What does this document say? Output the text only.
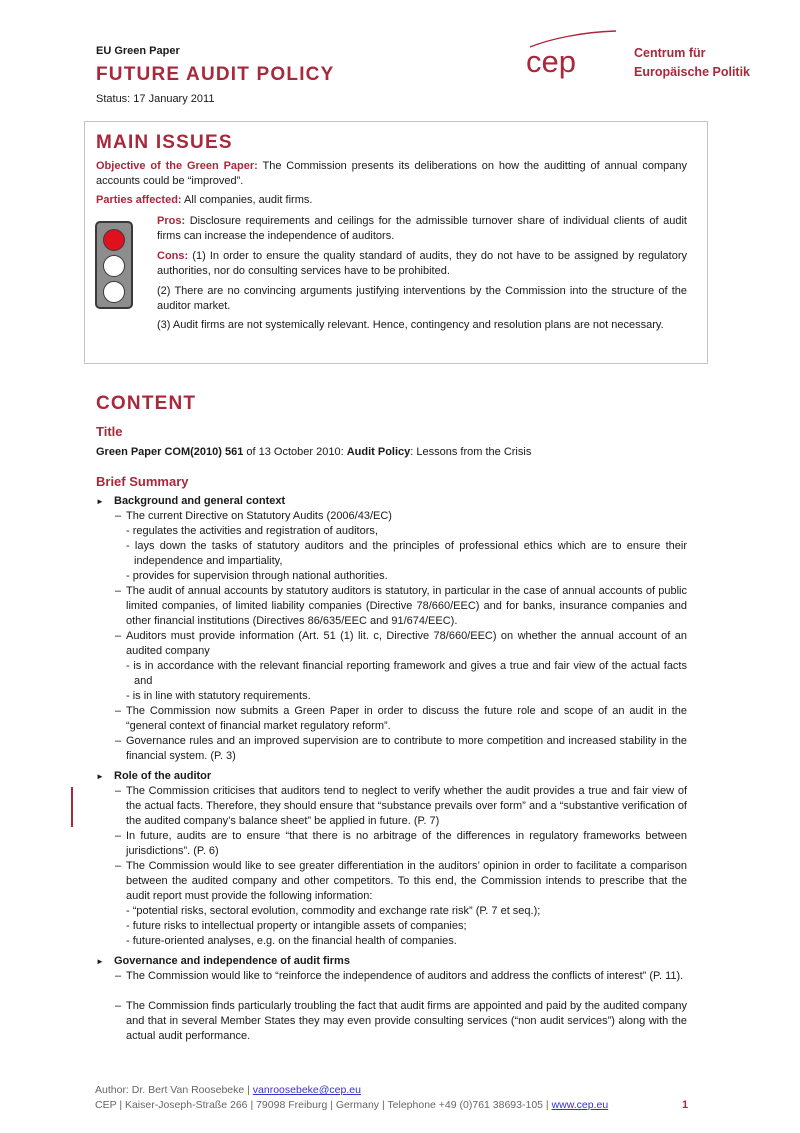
EU Green Paper
FUTURE AUDIT POLICY
Status: 17 January 2011
cep	Centrum für
Europäische Politik
MAIN ISSUES
Objective of the Green Paper: The Commission presents its deliberations on how the auditting of annual company accounts could be “improved”.
Parties affected: All companies, audit firms.
Pros: Disclosure requirements and ceilings for the admissible turnover share of individual clients of audit firms can increase the independence of auditors.
Cons: (1) In order to ensure the quality standard of audits, they do not have to be assigned by regulatory authorities, nor do consulting services have to be prohibited.
(2) There are no convincing arguments justifying interventions by the Commission into the structure of the auditor market.
(3) Audit firms are not systemically relevant. Hence, contingency and resolution plans are not necessary.
CONTENT
Title
Green Paper COM(2010) 561 of 13 October 2010: Audit Policy: Lessons from the Crisis
Brief Summary
► Background and general context
– The current Directive on Statutory Audits (2006/43/EC)
- regulates the activities and registration of auditors,
- lays down the tasks of statutory auditors and the principles of professional ethics which are to ensure their independence and impartiality,
- provides for supervision through national authorities.
– The audit of annual accounts by statutory auditors is statutory, in particular in the case of annual accounts of public limited companies, of limited liability companies (Directive 78/660/EEC) and for banks, insurance companies and other financial institutions (Directives 86/635/EEC and 91/674/EEC).
– Auditors must provide information (Art. 51 (1) lit. c, Directive 78/660/EEC) on whether the annual account of an audited company
- is in accordance with the relevant financial reporting framework and gives a true and fair view of the actual facts and
- is in line with statutory requirements.
– The Commission now submits a Green Paper in order to discuss the future role and scope of an audit in the “general context of financial market regulatory reform”.
– Governance rules and an improved supervision are to contribute to more competition and increased stability in the financial system. (P. 3)
► Role of the auditor
– The Commission criticises that auditors tend to neglect to verify whether the audit provides a true and fair view of the actual facts. Therefore, they should ensure that “substance prevails over form” and a “substantive verification of the audited company’s balance sheet” be applied in future. (P. 7)
– In future, audits are to ensure “that there is no arbitrage of the differences in regulatory frameworks between jurisdictions”. (P. 6)
– The Commission would like to see greater differentiation in the auditors’ opinion in order to facilitate a comparison between the audited company and other competitors. To this end, the Commission intends to prescribe that the audit report must provide the following information:
- “potential risks, sectoral evolution, commodity and exchange rate risk” (P. 7 et seq.);
- future risks to intellectual property or intangible assets of companies;
- future-oriented analyses, e.g. on the financial health of companies.
► Governance and independence of audit firms
– The Commission would like to “reinforce the independence of auditors and address the conflicts of interest” (P. 11).
– The Commission finds particularly troubling the fact that audit firms are appointed and paid by the audited company and that in several Member States they may even provide consulting services (“non audit services”) along with the actual audit performance.
Author: Dr. Bert Van Roosebeke | vanroosebeke@cep.eu
CEP | Kaiser-Joseph-Straße 266 | 79098 Freiburg | Germany | Telephone +49 (0)761 38693-105 | www.cep.eu	1
